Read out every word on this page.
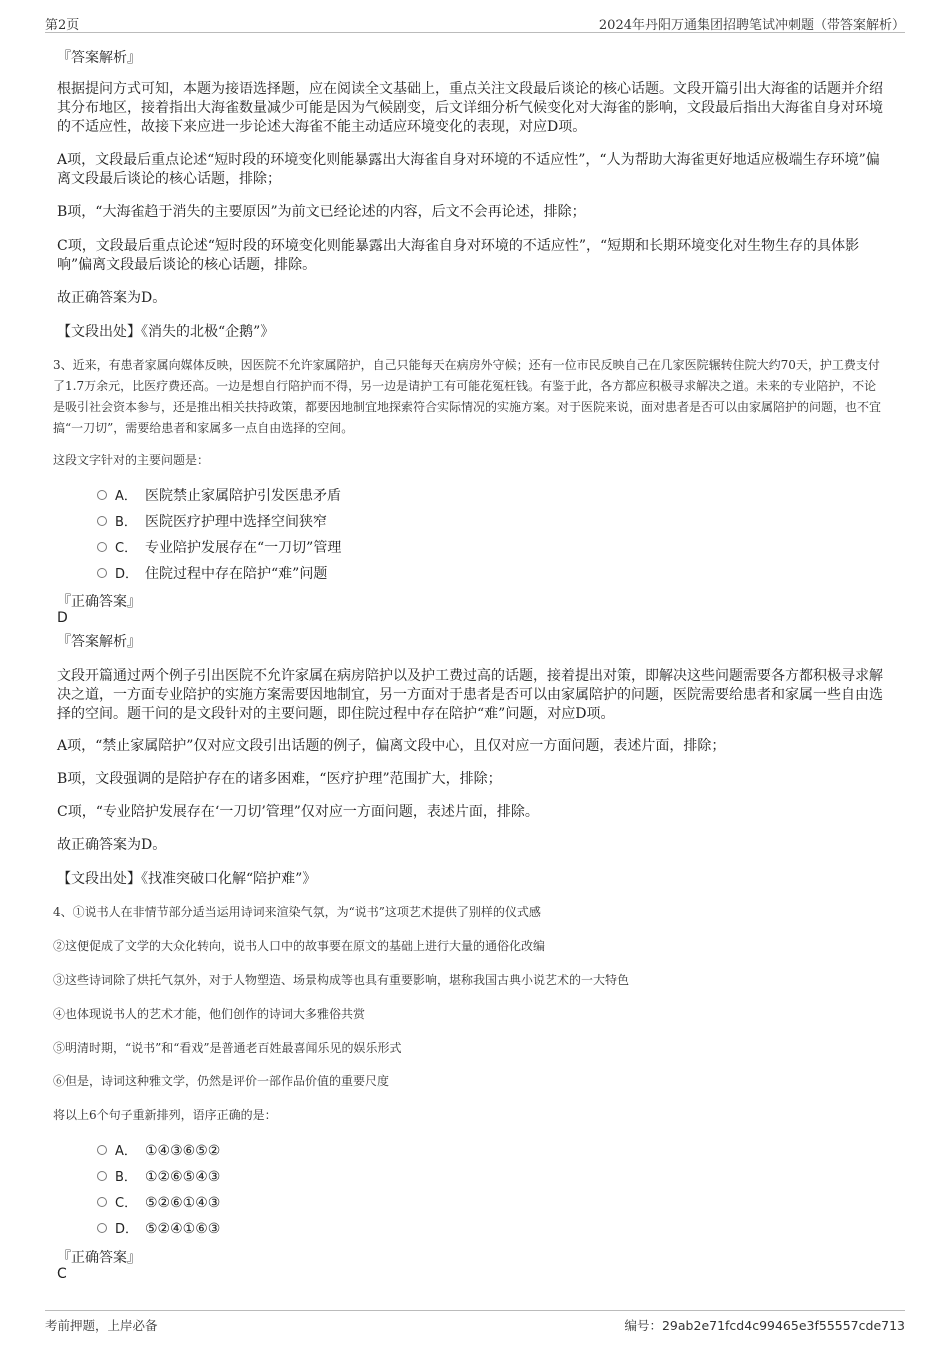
第2页	2024年丹阳万通集团招聘笔试冲刺题（带答案解析）
『答案解析』
根据提问方式可知，本题为接语选择题，应在阅读全文基础上，重点关注文段最后谈论的核心话题。文段开篇引出大海雀的话题并介绍其分布地区，接着指出大海雀数量减少可能是因为气候剧变，后文详细分析气候变化对大海雀的影响，文段最后指出大海雀自身对环境的不适应性，故接下来应进一步论述大海雀不能主动适应环境变化的表现，对应D项。
A项，文段最后重点论述“短时段的环境变化则能暴露出大海雀自身对环境的不适应性”，“人为帮助大海雀更好地适应极端生存环境”偏离文段最后谈论的核心话题，排除；
B项，“大海雀趋于消失的主要原因”为前文已经论述的内容，后文不会再论述，排除；
C项，文段最后重点论述“短时段的环境变化则能暴露出大海雀自身对环境的不适应性”，“短期和长期环境变化对生物生存的具体影响”偏离文段最后谈论的核心话题，排除。
故正确答案为D。
【文段出处】《消失的北极“企鹅”》
3、近来，有患者家属向媒体反映，因医院不允许家属陪护，自己只能每天在病房外守候；还有一位市民反映自己在几家医院辗转住院大约70天，护工费支付了1.7万余元，比医疗费还高。一边是想自行陪护而不得，另一边是请护工有可能花冤枉钱。有鉴于此，各方都应积极寻求解决之道。未来的专业陪护，不论是吸引社会资本参与，还是推出相关扶持政策，都要因地制宜地探索符合实际情况的实施方案。对于医院来说，面对患者是否可以由家属陪护的问题，也不宜搞“一刀切”，需要给患者和家属多一点自由选择的空间。
这段文字针对的主要问题是：
A． 医院禁止家属陪护引发医患矛盾
B． 医院医疗护理中选择空间狭窄
C． 专业陪护发展存在“一刀切”管理
D． 住院过程中存在陪护“难”问题
『正确答案』
D
『答案解析』
文段开篇通过两个例子引出医院不允许家属在病房陪护以及护工费过高的话题，接着提出对策，即解决这些问题需要各方都积极寻求解决之道，一方面专业陪护的实施方案需要因地制宜，另一方面对于患者是否可以由家属陪护的问题，医院需要给患者和家属一些自由选择的空间。题干问的是文段针对的主要问题，即住院过程中存在陪护“难”问题，对应D项。
A项，“禁止家属陪护”仅对应文段引出话题的例子，偏离文段中心，且仅对应一方面问题，表述片面，排除；
B项，文段强调的是陪护存在的诸多困难，“医疗护理”范围扩大，排除；
C项，“专业陪护发展存在‘一刀切’管理”仅对应一方面问题，表述片面，排除。
故正确答案为D。
【文段出处】《找准突破口化解“陪护难”》
4、①说书人在非情节部分适当运用诗词来渲染气氛，为“说书”这项艺术提供了别样的仪式感
②这便促成了文学的大众化转向，说书人口中的故事要在原文的基础上进行大量的通俗化改编
③这些诗词除了烘托气氛外，对于人物塑造、场景构成等也具有重要影响，堪称我国古典小说艺术的一大特色
④也体现说书人的艺术才能，他们创作的诗词大多雅俗共赏
⑤明清时期，“说书”和“看戏”是普通老百姓最喜闻乐见的娱乐形式
⑥但是，诗词这种雅文学，仍然是评价一部作品价值的重要尺度
将以上6个句子重新排列，语序正确的是：
A． ①④③⑥⑤②
B． ①②⑥⑤④③
C． ⑤②⑥①④③
D． ⑤②④①⑥③
『正确答案』
C
考前押题，上岸必备	编号：29ab2e71fcd4c99465e3f55557cde713
